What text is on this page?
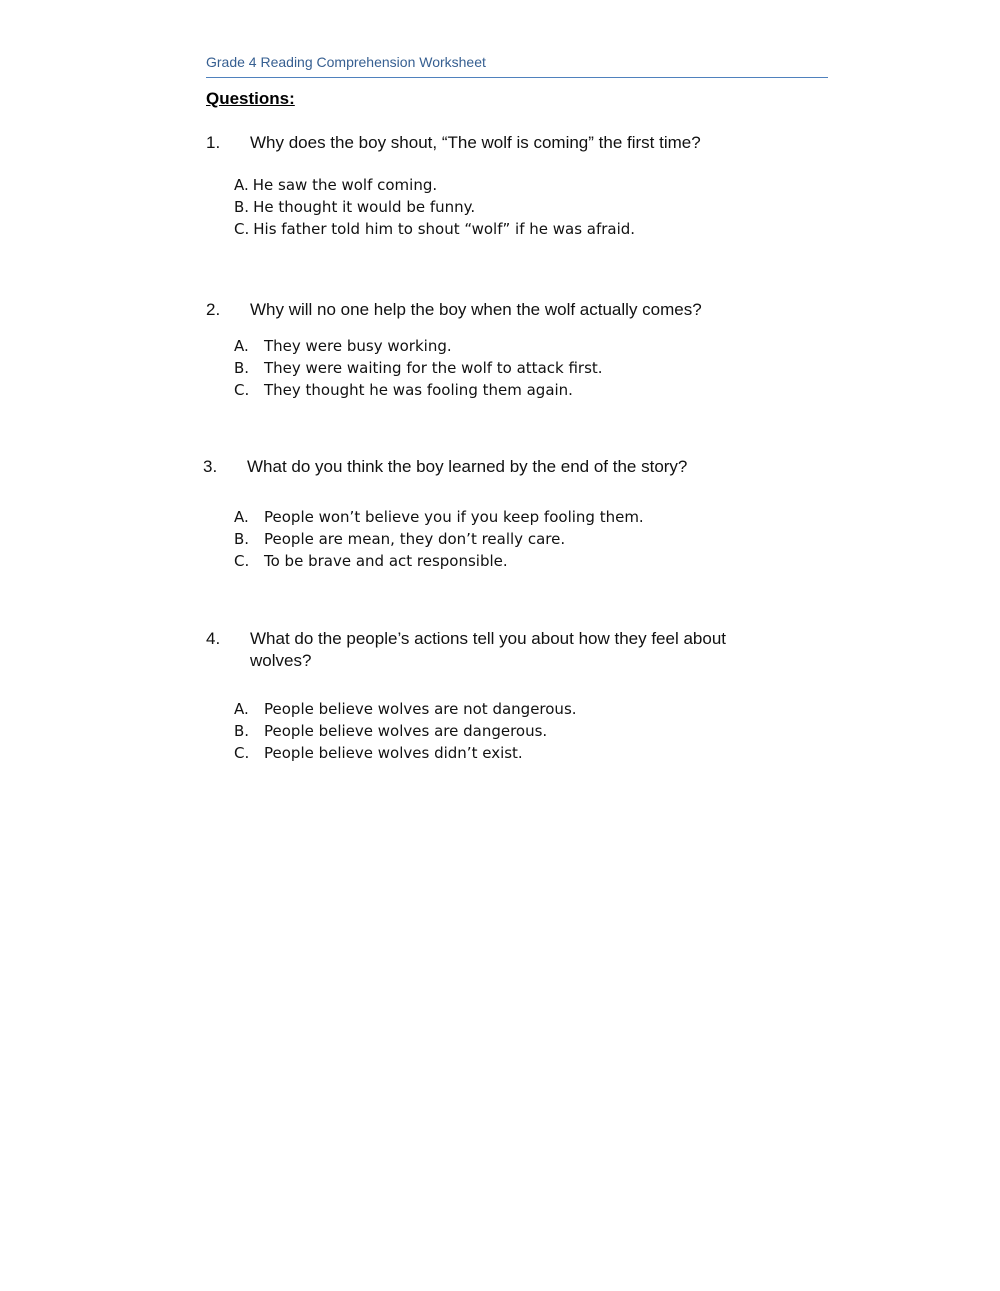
Grade 4 Reading Comprehension Worksheet
Questions:
1. Why does the boy shout, “The wolf is coming” the first time?
A. He saw the wolf coming.
B. He thought it would be funny.
C. His father told him to shout “wolf” if he was afraid.
2. Why will no one help the boy when the wolf actually comes?
A. They were busy working.
B. They were waiting for the wolf to attack first.
C. They thought he was fooling them again.
3. What do you think the boy learned by the end of the story?
A. People won’t believe you if you keep fooling them.
B. People are mean, they don’t really care.
C. To be brave and act responsible.
4. What do the people’s actions tell you about how they feel about wolves?
A. People believe wolves are not dangerous.
B. People believe wolves are dangerous.
C. People believe wolves didn’t exist.
